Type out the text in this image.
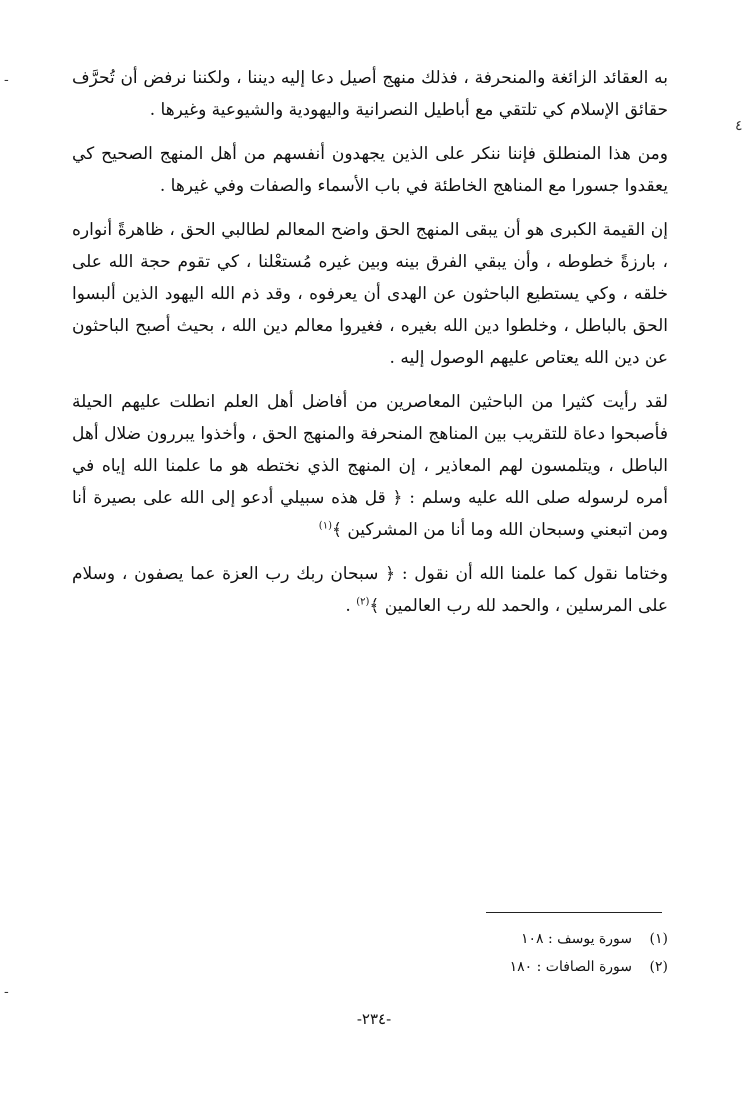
-
٤
-

به العقائد الزائغة والمنحرفة ، فذلك منهج أصيل دعا إليه ديننا ، ولكننا نرفض أن تُحرَّف حقائق الإسلام كي تلتقي مع أباطيل النصرانية واليهودية والشيوعية وغيرها .

ومن هذا المنطلق فإننا ننكر على الذين يجهدون أنفسهم من أهل المنهج الصحيح كي يعقدوا جسورا مع المناهج الخاطئة في باب الأسماء والصفات وفي غيرها .

إن القيمة الكبرى هو أن يبقى المنهج الحق واضح المعالم لطالبي الحق ، ظاهرةً أنواره ، بارزةً خطوطه ، وأن يبقي الفرق بينه وبين غيره مُستعْلنا ، كي تقوم حجة الله على خلقه ، وكي يستطيع الباحثون عن الهدى أن يعرفوه ، وقد ذم الله اليهود الذين ألبسوا الحق بالباطل ، وخلطوا دين الله بغيره ، فغيروا معالم دين الله ، بحيث أصبح الباحثون عن دين الله يعتاص عليهم الوصول إليه .

لقد رأيت كثيرا من الباحثين المعاصرين من أفاضل أهل العلم انطلت عليهم الحيلة فأصبحوا دعاة للتقريب بين المناهج المنحرفة والمنهج الحق ، وأخذوا يبررون ضلال أهل الباطل ، ويتلمسون لهم المعاذير ، إن المنهج الذي نختطه هو ما علمنا الله إياه في أمره لرسوله صلى الله عليه وسلم : ﴿ قل هذه سبيلي أدعو إلى الله على بصيرة أنا ومن اتبعني وسبحان الله وما أنا من المشركين ﴾$^{(١)}$

وختاما نقول كما علمنا الله أن نقول : ﴿ سبحان ربك رب العزة عما يصفون ، وسلام على المرسلين ، والحمد لله رب العالمين ﴾$^{(٢)}$ .

(١)
سورة يوسف : ١٠٨
(٢)
سورة الصافات : ١٨٠
-٢٣٤-
